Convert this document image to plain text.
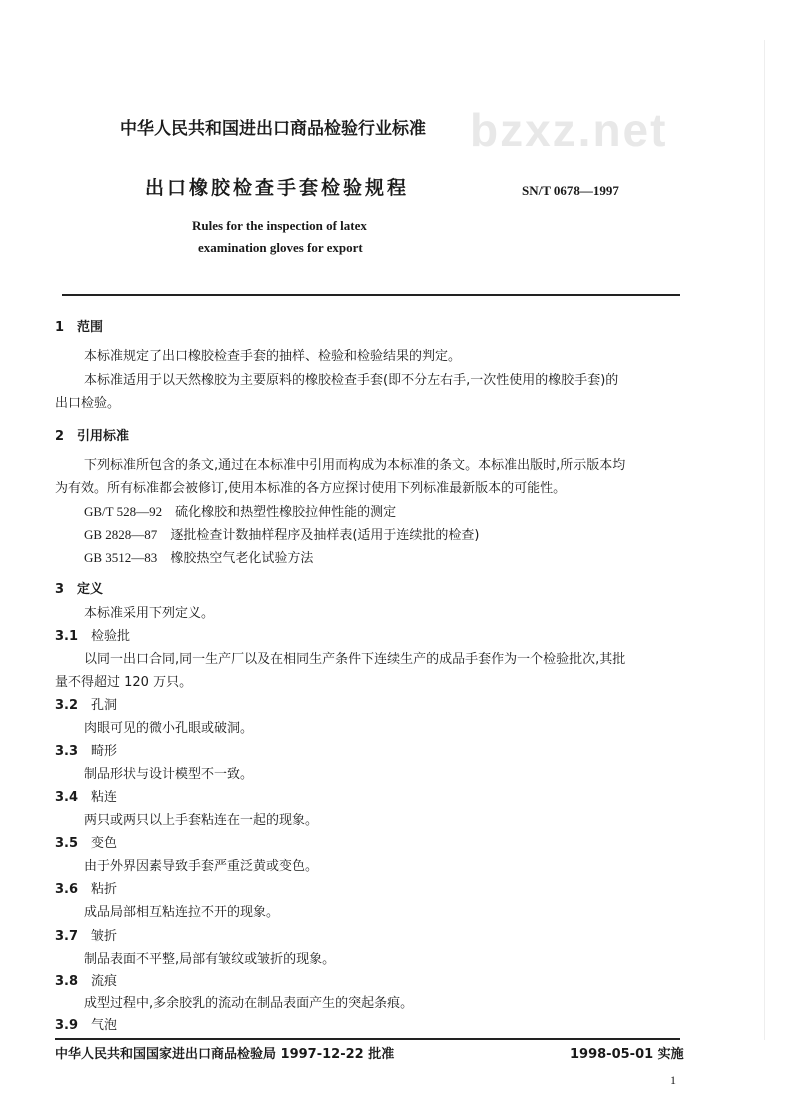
bzxz.net
中华人民共和国进出口商品检验行业标准
出口橡胶检查手套检验规程	SN/T 0678—1997
Rules for the inspection of latex
examination gloves for export
1　范围
本标准规定了出口橡胶检查手套的抽样、检验和检验结果的判定。
本标准适用于以天然橡胶为主要原料的橡胶检查手套(即不分左右手,一次性使用的橡胶手套)的
出口检验。
2　引用标准
下列标准所包含的条文,通过在本标准中引用而构成为本标准的条文。本标准出版时,所示版本均
为有效。所有标准都会被修订,使用本标准的各方应探讨使用下列标准最新版本的可能性。
GB/T 528—92　 硫化橡胶和热塑性橡胶拉伸性能的测定
GB 2828—87　 逐批检查计数抽样程序及抽样表(适用于连续批的检查)
GB 3512—83　 橡胶热空气老化试验方法
3　定义
本标准采用下列定义。
3.1　 检验批
以同一出口合同,同一生产厂以及在相同生产条件下连续生产的成品手套作为一个检验批次,其批
量不得超过 120 万只。
3.2　 孔洞
肉眼可见的微小孔眼或破洞。
3.3　 畸形
制品形状与设计模型不一致。
3.4　 粘连
两只或两只以上手套粘连在一起的现象。
3.5　 变色
由于外界因素导致手套严重泛黄或变色。
3.6　 粘折
成品局部相互粘连拉不开的现象。
3.7　 皱折
制品表面不平整,局部有皱纹或皱折的现象。
3.8　 流痕
成型过程中,多余胶乳的流动在制品表面产生的突起条痕。
3.9　 气泡
中华人民共和国国家进出口商品检验局 1997-12-22 批准	1998-05-01 实施
1
